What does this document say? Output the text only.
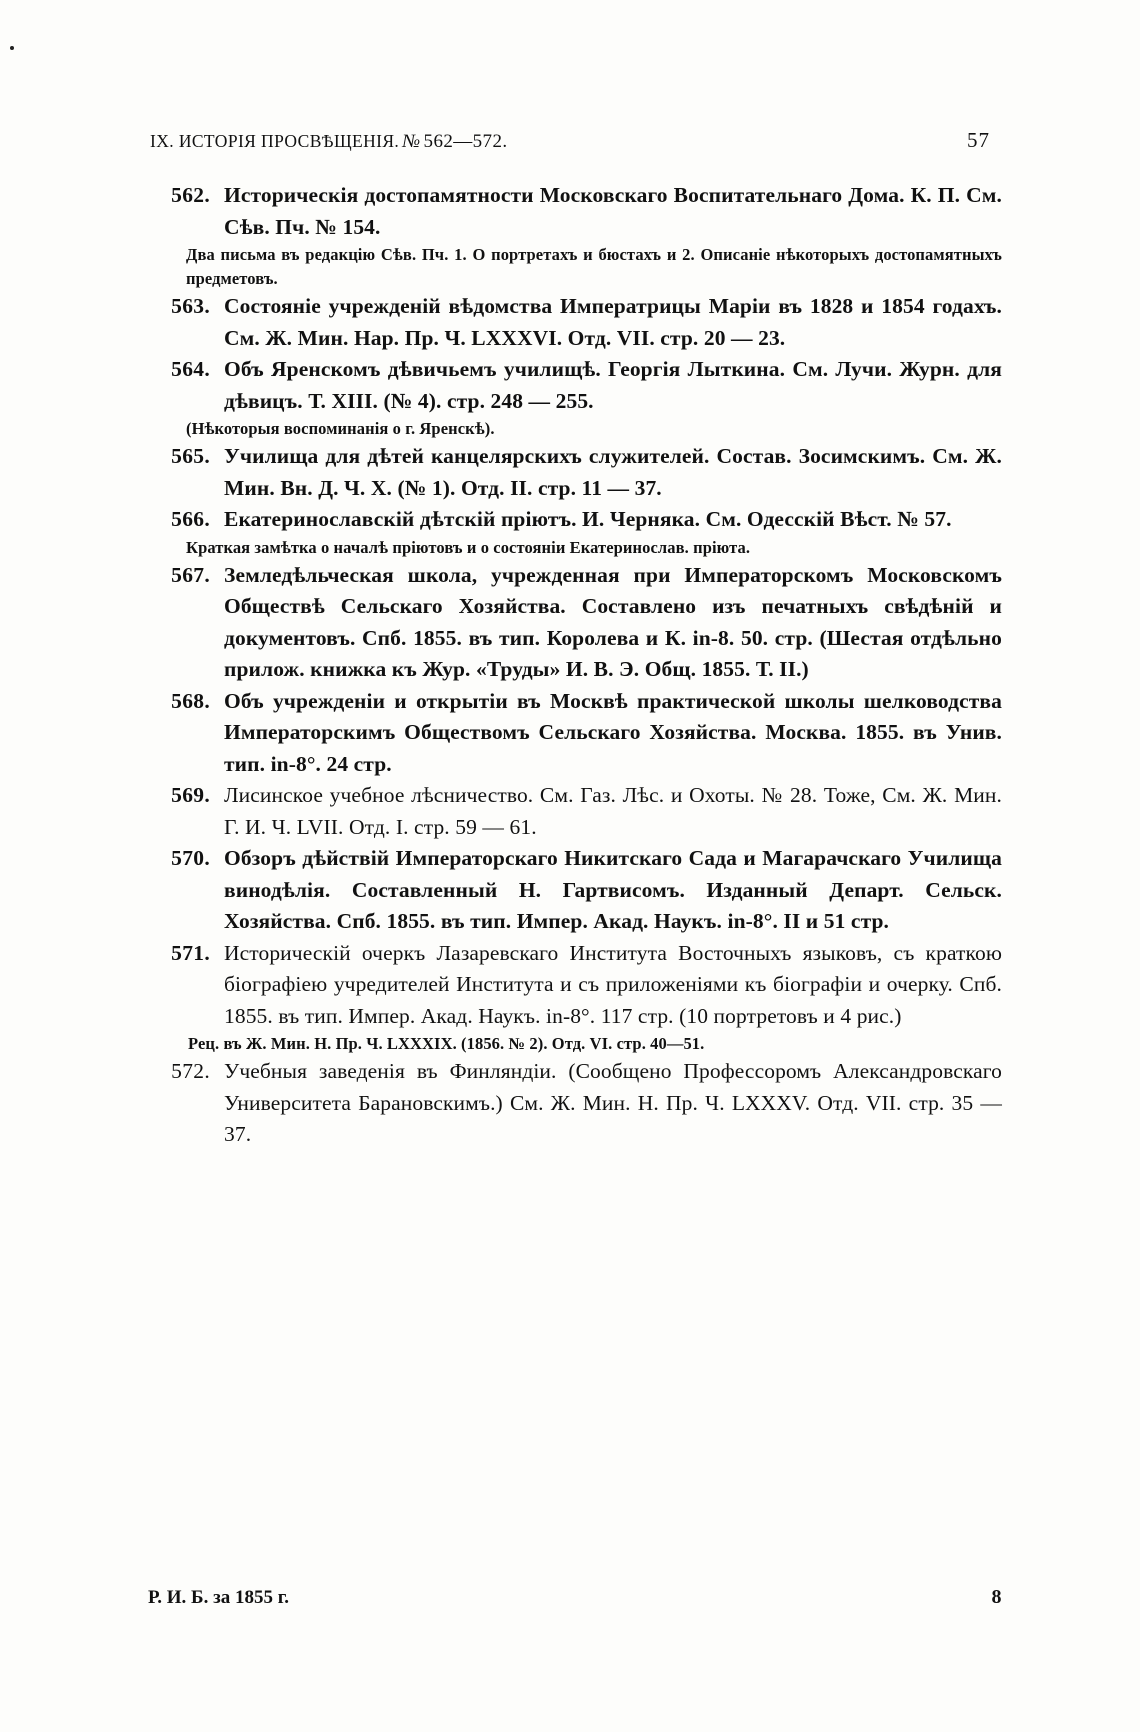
IX. ИСТОРІЯ ПРОСВѢЩЕНІЯ. № 562—572.	57
562. Историческія достопамятности Московскаго Воспитательнаго Дома. К. П. См. Сѣв. Пч. № 154.
Два письма въ редакцію Сѣв. Пч. 1. О портретахъ и бюстахъ и 2. Описаніе нѣкоторыхъ достопамятныхъ предметовъ.
563. Состояніе учрежденій вѣдомства Императрицы Маріи въ 1828 и 1854 годахъ. См. Ж. Мин. Нар. Пр. Ч. LXXXVI. Отд. VII. стр. 20 — 23.
564. Объ Яренскомъ дѣвичьемъ училищѣ. Георгія Лыткина. См. Лучи. Журн. для дѣвицъ. Т. XIII. (№ 4). стр. 248 — 255.
(Нѣкоторыя воспоминанія о г. Яренскѣ).
565. Училища для дѣтей канцелярскихъ служителей. Состав. Зосимскимъ. См. Ж. Мин. Вн. Д. Ч. X. (№ 1). Отд. II. стр. 11 — 37.
566. Екатеринославскій дѣтскій пріютъ. И. Черняка. См. Одесскій Вѣст. № 57.
Краткая замѣтка о началѣ пріютовъ и о состояніи Екатеринослав. пріюта.
567. Земледѣльческая школа, учрежденная при Императорскомъ Московскомъ Обществѣ Сельскаго Хозяйства. Составлено изъ печатныхъ свѣдѣній и документовъ. Спб. 1855. въ тип. Королева и К. in-8. 50. стр. (Шестая отдѣльно прилож. книжка къ Жур. «Труды» И. В. Э. Общ. 1855. Т. II.)
568. Объ учрежденіи и открытіи въ Москвѣ практической школы шелководства Императорскимъ Обществомъ Сельскаго Хозяйства. Москва. 1855. въ Унив. тип. in-8°. 24 стр.
569. Лисинское учебное лѣсничество. См. Газ. Лѣс. и Охоты. № 28. Тоже, См. Ж. Мин. Г. И. Ч. LVII. Отд. I. стр. 59 — 61.
570. Обзоръ дѣйствій Императорскаго Никитскаго Сада и Магарачскаго Училища винодѣлія. Составленный Н. Гартвисомъ. Изданный Департ. Сельск. Хозяйства. Спб. 1855. въ тип. Импер. Акад. Наукъ. in-8°. II и 51 стр.
571. Историческій очеркъ Лазаревскаго Института Восточныхъ языковъ, съ краткою біографіею учредителей Института и съ приложеніями къ біографіи и очерку. Спб. 1855. въ тип. Импер. Акад. Наукъ. in-8°. 117 стр. (10 портретовъ и 4 рис.)
Рец. въ Ж. Мин. Н. Пр. Ч. LXXXIX. (1856. № 2). Отд. VI. стр. 40—51.
572. Учебныя заведенія въ Финляндіи. (Сообщено Профессоромъ Александровскаго Университета Барановскимъ.) См. Ж. Мин. Н. Пр. Ч. LXXXV. Отд. VII. стр. 35 — 37.
Р. И. Б. за 1855 г.	8
